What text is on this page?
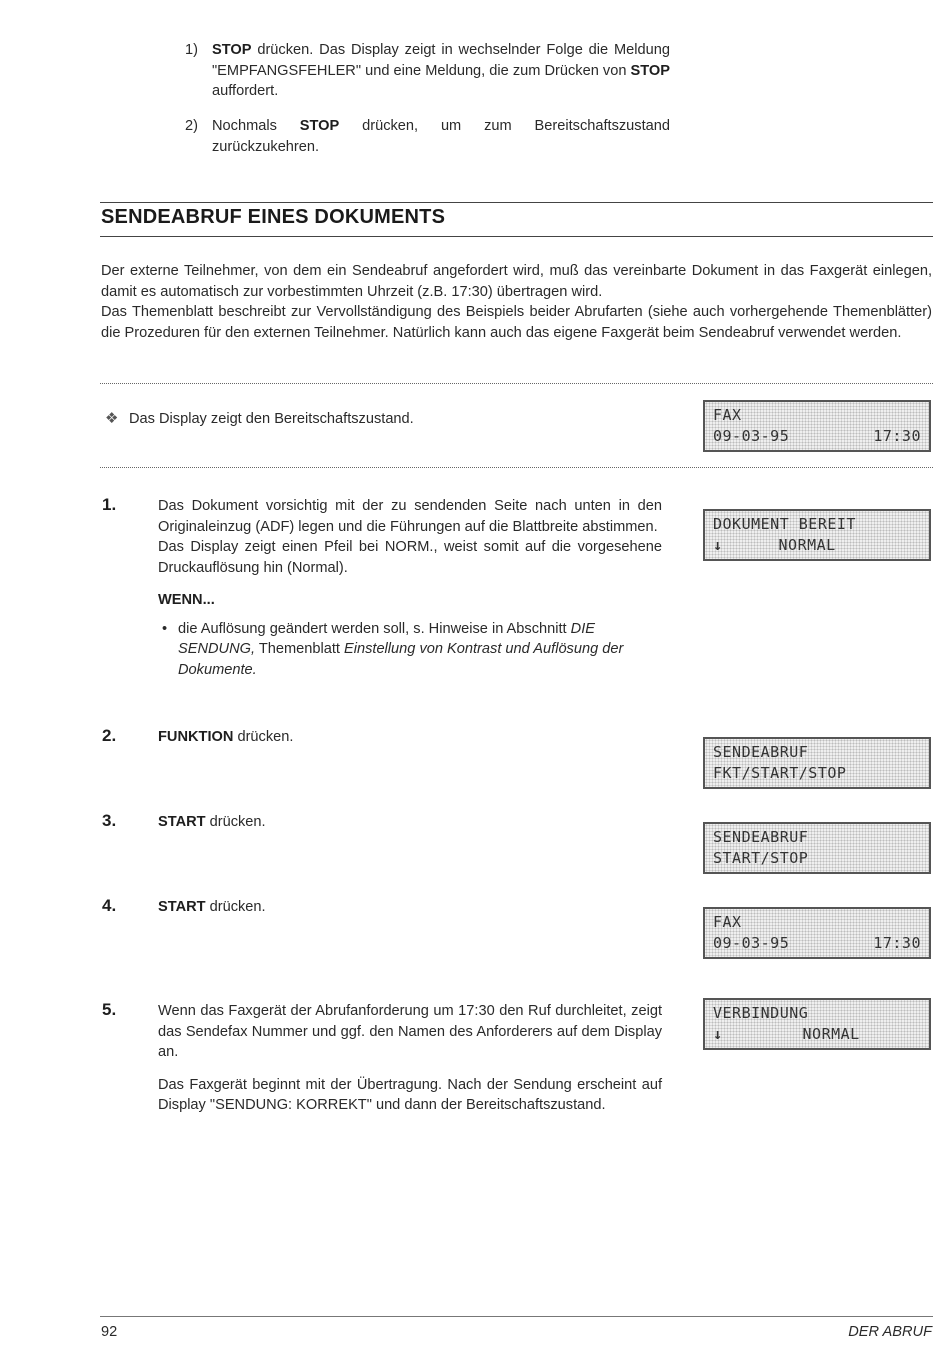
1) STOP drücken. Das Display zeigt in wechselnder Folge die Meldung "EMPFANGSFEHLER" und eine Meldung, die zum Drücken von STOP auffordert.

2) Nochmals STOP drücken, um zum Bereitschaftszustand zurückzukehren.

SENDEABRUF EINES DOKUMENTS

Der externe Teilnehmer, von dem ein Sendeabruf angefordert wird, muß das vereinbarte Dokument in das Faxgerät einlegen, damit es automatisch zur vorbestimmten Uhrzeit (z.B. 17:30) übertragen wird.

Das Themenblatt beschreibt zur Vervollständigung des Beispiels beider Abrufarten (siehe auch vorhergehende Themenblätter) die Prozeduren für den externen Teilnehmer. Natürlich kann auch das eigene Faxgerät beim Sendeabruf verwendet werden.

❖ Das Display zeigt den Bereitschaftszustand.	FAX
09-03-95	17:30
1.	Das Dokument vorsichtig mit der zu sendenden Seite nach unten in den Originaleinzug (ADF) legen und die Führungen auf die Blattbreite abstimmen.

Das Display zeigt einen Pfeil bei NORM., weist somit auf die vorgesehene Druckauflösung hin (Normal).

WENN...
• die Auflösung geändert werden soll, s. Hinweise in Abschnitt DIE SENDUNG, Themenblatt Einstellung von Kontrast und Auflösung der Dokumente.
DOKUMENT BEREIT
↓	NORMAL
2.	FUNKTION drücken.
SENDEABRUF
FKT/START/STOP
3.	START drücken.
SENDEABRUF
START/STOP
4.	START drücken.
FAX
09-03-95	17:30
5.	Wenn das Faxgerät der Abrufanforderung um 17:30 den Ruf durchleitet, zeigt das Sendefax Nummer und ggf. den Namen des Anforderers auf dem Display an.

Das Faxgerät beginnt mit der Übertragung. Nach der Sendung erscheint auf Display "SENDUNG: KORREKT" und dann der Bereitschaftszustand.

VERBINDUNG
↓	NORMAL
92	DER ABRUF
